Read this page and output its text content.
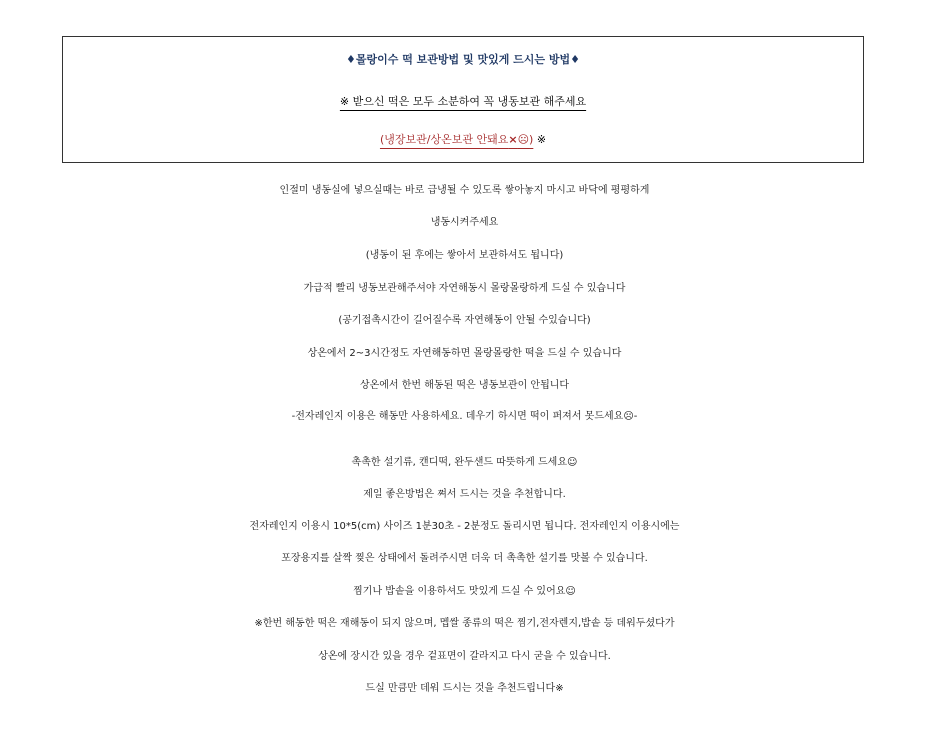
♦몰랑이수 떡 보관방법 및 맛있게 드시는 방법♦
※ 받으신 떡은 모두 소분하여 꼭 냉동보관 해주세요
(냉장보관/상온보관 안돼요×☹) ※
인절미 냉동실에 넣으실때는 바로 급냉될 수 있도록 쌓아놓지 마시고 바닥에 평평하게
냉동시켜주세요
(냉동이 된 후에는 쌓아서 보관하셔도 됩니다)
가급적 빨리 냉동보관해주셔야 자연해동시 몰랑몰랑하게 드실 수 있습니다
(공기접촉시간이 길어질수록 자연해동이 안될 수있습니다)
상온에서 2~3시간정도 자연해동하면 몰랑몰랑한 떡을 드실 수 있습니다
상온에서 한번 해동된 떡은 냉동보관이 안됩니다
-전자레인지 이용은 해동만 사용하세요. 데우기 하시면 떡이 퍼져서 못드세요☹-
촉촉한 설기류, 캔디떡, 완두샌드 따뜻하게 드세요☺
제일 좋은방법은 쪄서 드시는 것을 추천합니다.
전자레인지 이용시 10*5(cm) 사이즈 1분30초 - 2분정도 돌리시면 됩니다. 전자레인지 이용시에는
포장용지를 살짝 찢은 상태에서 돌려주시면 더욱 더 촉촉한 설기를 맛볼 수 있습니다.
찜기나 밥솥을 이용하셔도 맛있게 드실 수 있어요☺
※한번 해동한 떡은 재해동이 되지 않으며, 멥쌀 종류의 떡은 찜기,전자렌지,밥솥 등 데워두셨다가
상온에 장시간 있을 경우 겉표면이 갈라지고 다시 굳을 수 있습니다.
드실 만큼만 데워 드시는 것을 추천드립니다※
